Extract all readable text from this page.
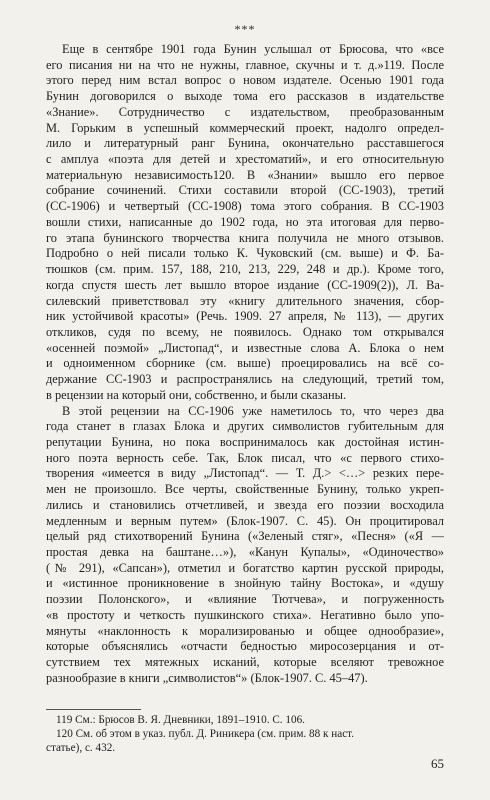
***
Еще в сентябре 1901 года Бунин услышал от Брюсова, что «все
его писания ни на что не нужны, главное, скучны и т. д.»119. После
этого перед ним встал вопрос о новом издателе. Осенью 1901 года
Бунин договорился о выходе тома его рассказов в издательстве
«Знание». Сотрудничество с издательством, преобразованным
М. Горьким в успешный коммерческий проект, надолго определ-
лило и литературный ранг Бунина, окончательно расставшегося
с амплуа «поэта для детей и хрестоматий», и его относительную
материальную независимость120. В «Знании» вышло его первое
собрание сочинений. Стихи составили второй (СС-1903), третий
(СС-1906) и четвертый (СС-1908) тома этого собрания. В СС-1903
вошли стихи, написанные до 1902 года, но эта итоговая для перво-
го этапа бунинского творчества книга получила не много отзывов.
Подробно о ней писали только К. Чуковский (см. выше) и Ф. Ба-
тюшков (см. прим. 157, 188, 210, 213, 229, 248 и др.). Кроме того,
когда спустя шесть лет вышло второе издание (СС-1909(2)), Л. Ва-
силевский приветствовал эту «книгу длительного значения, сбор-
ник устойчивой красоты» (Речь. 1909. 27 апреля, № 113), — других
откликов, судя по всему, не появилось. Однако том открывался
«осенней поэмой» „Листопад“, и известные слова А. Блока о нем
и одноименном сборнике (см. выше) проецировались на всё со-
держание СС-1903 и распространялись на следующий, третий том,
в рецензии на который они, собственно, и были сказаны.
В этой рецензии на СС-1906 уже наметилось то, что через два
года станет в глазах Блока и других символистов губительным для
репутации Бунина, но пока воспринималось как достойная истин-
ного поэта верность себе. Так, Блок писал, что «с первого стихо-
творения «имеется в виду „Листопад“. — Т. Д.> <…> резких пере-
мен не произошло. Все черты, свойственные Бунину, только укреп-
лились и становились отчетливей, и звезда его поэзии восходила
медленным и верным путем» (Блок-1907. С. 45). Он процитировал
целый ряд стихотворений Бунина («Зеленый стяг», «Песня» («Я —
простая девка на баштане…»), «Канун Купалы», «Одиночество»
(№ 291), «Сапсан»), отметил и богатство картин русской природы,
и «истинное проникновение в знойную тайну Востока», и «душу
поэзии Полонского», и «влияние Тютчева», и погруженность
«в простоту и четкость пушкинского стиха». Негативно было упо-
мянуты «наклонность к морализированью и общее однообразие»,
которые объяснялись «отчасти бедностью миросозерцания и от-
сутствием тех мятежных исканий, которые вселяют тревожное
разнообразие в книги „символистов“» (Блок-1907. С. 45–47).
119 См.: Брюсов В. Я. Дневники, 1891–1910. С. 106.
120 См. об этом в указ. публ. Д. Риникера (см. прим. 88 к наст.
статье), с. 432.
65
